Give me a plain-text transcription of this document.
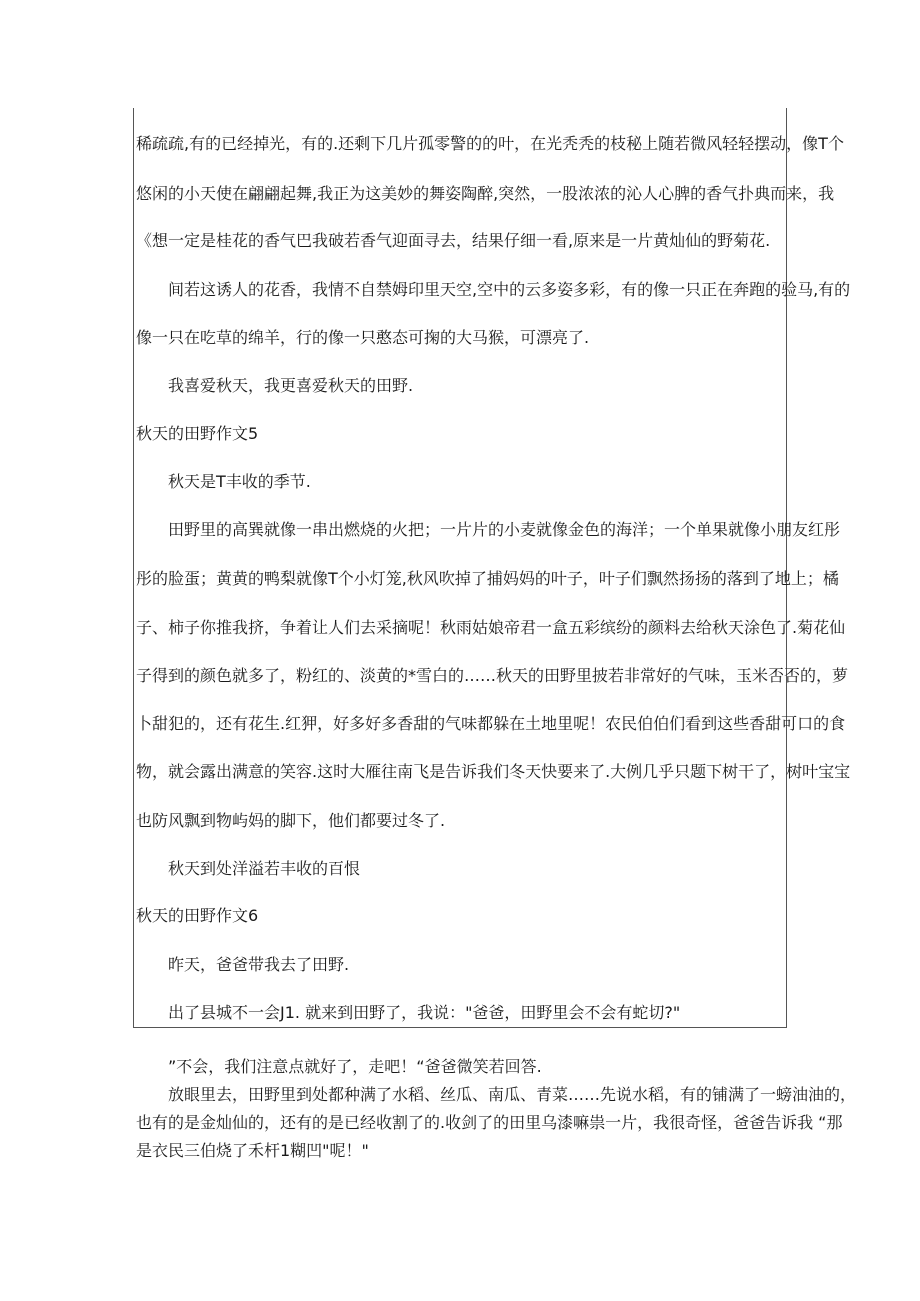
稀疏疏,有的已经掉光，有的.还剩下几片孤零警的的叶，在光秃秃的枝秘上随若微风轻轻摆动，像T个
悠闲的小天使在翩翩起舞,我正为这美妙的舞姿陶醉,突然，一股浓浓的沁人心脾的香气扑典而来，我
《想一定是桂花的香气巴我破若香气迎面寻去，结果仔细一看,原来是一片黄灿仙的野菊花.
间若这诱人的花香，我情不自禁姆印里天空,空中的云多姿多彩，有的像一只正在奔跑的验马,有的
像一只在吃草的绵羊，行的像一只憨态可掬的大马猴，可漂亮了.
我喜爱秋天，我更喜爱秋天的田野.
秋天的田野作文5
秋天是T丰收的季节.
田野里的高巽就像一串出燃烧的火把；一片片的小麦就像金色的海洋；一个单果就像小朋友红彤
彤的脸蛋；黄黄的鸭梨就像T个小灯笼,秋风吹掉了捕妈妈的叶子，叶子们飘然扬扬的落到了地上；橘
子、柿子你推我挤，争着让人们去采摘呢！秋雨姑娘帝君一盒五彩缤纷的颜料去给秋天涂色了.菊花仙
子得到的颜色就多了，粉红的、淡黄的*雪白的……秋天的田野里披若非常好的气味，玉米否否的，萝
卜甜犯的，还有花生.红狎，好多好多香甜的气味都躲在土地里呢！农民伯伯们看到这些香甜可口的食
物，就会露出满意的笑容.这时大雁往南飞是告诉我们冬天快要来了.大例几乎只题下树干了，树叶宝宝
也防风飘到物屿妈的脚下，他们都要过冬了.
秋天到处洋溢若丰收的百恨
秋天的田野作文6
昨天，爸爸带我去了田野.
出了县城不一会J1. 就来到田野了，我说："爸爸，田野里会不会有蛇切?"
”不会，我们注意点就好了，走吧！“爸爸微笑若回答.
放眼里去，田野里到处都种满了水稻、丝瓜、南瓜、青菜……先说水稻，有的铺满了一螃油油的，
也有的是金灿仙的，还有的是已经收割了的.收剑了的田里乌漆嘛祟一片，我很奇怪，爸爸告诉我 “那
是衣民三伯烧了禾杆1糊凹"呢！"
